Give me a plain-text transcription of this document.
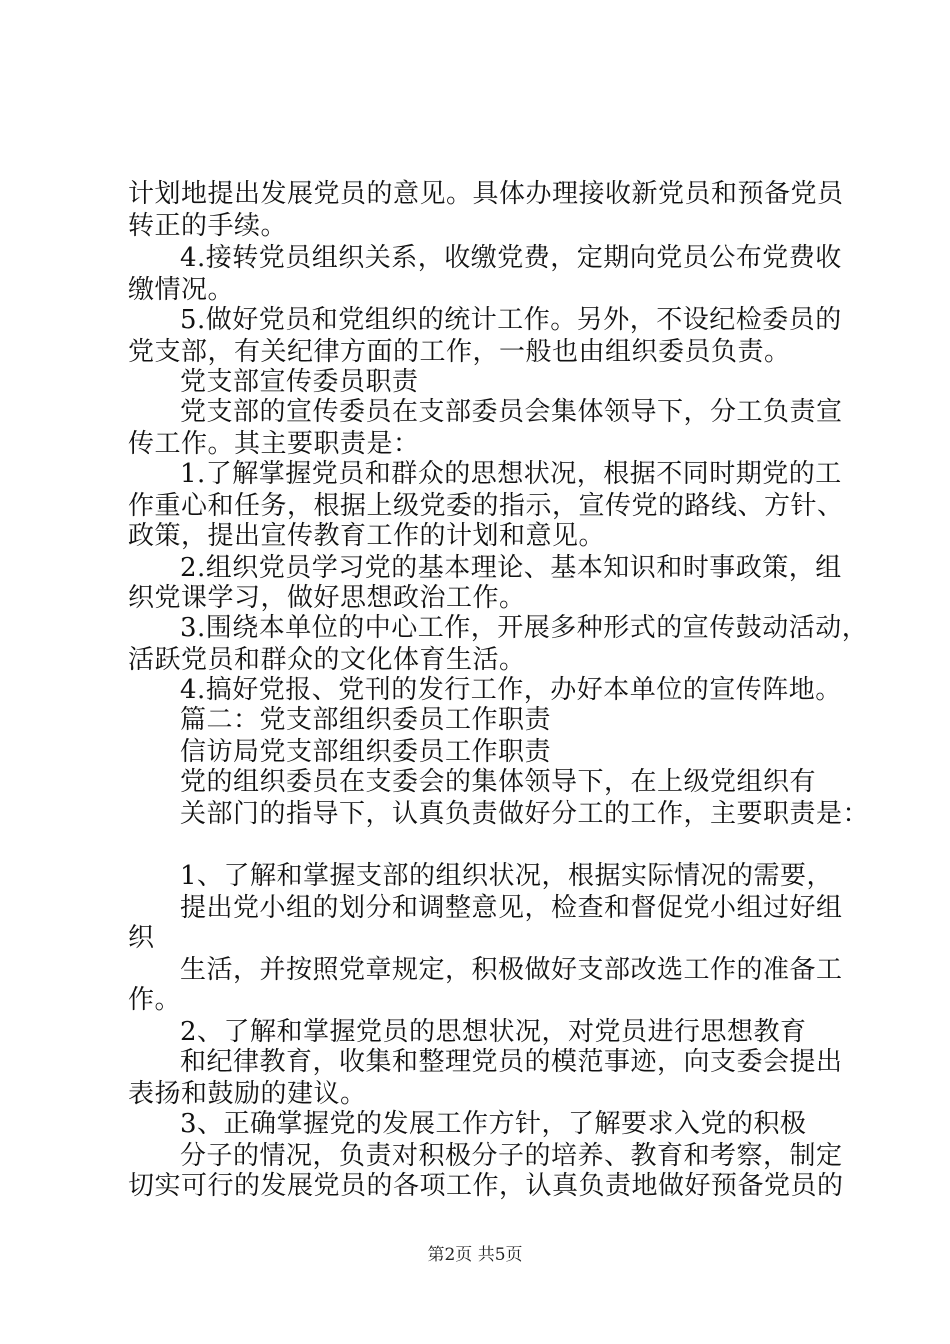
计划地提出发展党员的意见。具体办理接收新党员和预备党员
转正的手续。
4.接转党员组织关系，收缴党费，定期向党员公布党费收
缴情况。
5.做好党员和党组织的统计工作。另外，不设纪检委员的
党支部，有关纪律方面的工作，一般也由组织委员负责。
党支部宣传委员职责
党支部的宣传委员在支部委员会集体领导下，分工负责宣
传工作。其主要职责是：
1.了解掌握党员和群众的思想状况，根据不同时期党的工
作重心和任务，根据上级党委的指示，宣传党的路线、方针、
政策，提出宣传教育工作的计划和意见。
2.组织党员学习党的基本理论、基本知识和时事政策，组
织党课学习，做好思想政治工作。
3.围绕本单位的中心工作，开展多种形式的宣传鼓动活动，
活跃党员和群众的文化体育生活。
4.搞好党报、党刊的发行工作，办好本单位的宣传阵地。
篇二：党支部组织委员工作职责
信访局党支部组织委员工作职责
党的组织委员在支委会的集体领导下，在上级党组织有
关部门的指导下，认真负责做好分工的工作，主要职责是：
1、了解和掌握支部的组织状况，根据实际情况的需要，
提出党小组的划分和调整意见，检查和督促党小组过好组
织
生活，并按照党章规定，积极做好支部改选工作的准备工
作。
2、了解和掌握党员的思想状况，对党员进行思想教育
和纪律教育，收集和整理党员的模范事迹，向支委会提出
表扬和鼓励的建议。
3、正确掌握党的发展工作方针，了解要求入党的积极
分子的情况，负责对积极分子的培养、教育和考察，制定
切实可行的发展党员的各项工作，认真负责地做好预备党员的
第2页 共5页
